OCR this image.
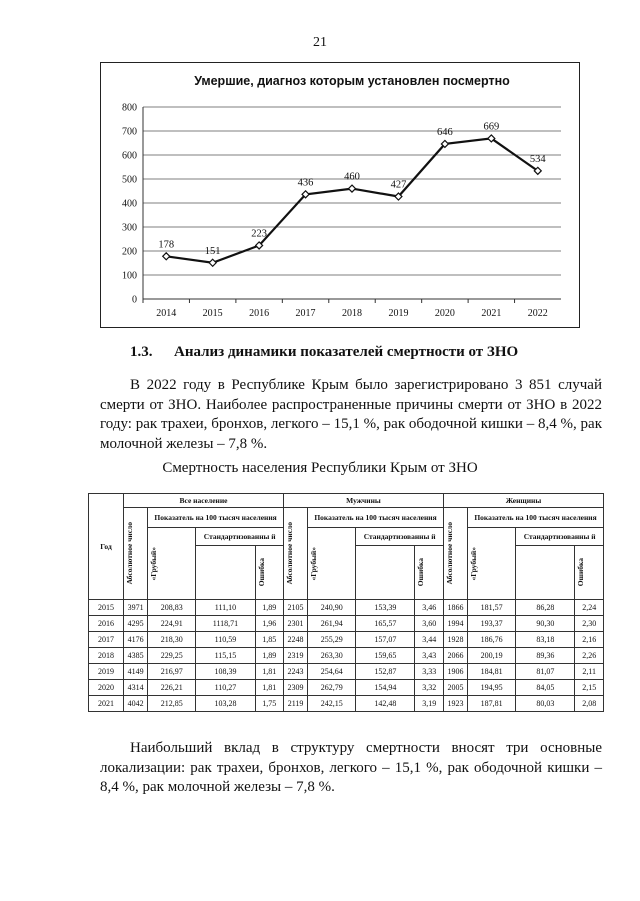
21
Умершие, диагноз которым установлен посмертно
0
100
200
300
400
500
600
700
800
2014	2015	2016	2017	2018	2019	2020	2021	2022
178
151
223
436
460
427
646
669
534
1.3. Анализ динамики показателей смертности от ЗНО
В 2022 году в Республике Крым было зарегистрировано 3 851 случай смерти от ЗНО. Наиболее распространенные причины смерти от ЗНО в 2022 году: рак трахеи, бронхов, легкого – 15,1 %, рак ободочной кишки – 8,4 %, рак молочной железы – 7,8 %.
Смертность населения Республики Крым от ЗНО
Год	Все население				Мужчины				Женщины			

	Абсолютное число	Показатель на 100 тысяч населения			Абсолютное число	Показатель на 100 тысяч населения			Абсолютное число	Показатель на 100 тысяч населения		

		«Грубый»	Стандартизованны й			«Грубый»	Стандартизованны й			«Грубый»	Стандартизованны й	

				Ошибка				Ошибка				Ошибка

2015	3971	208,83	111,10	1,89	2105	240,90	153,39	3,46	1866	181,57	86,28	2,24
2016	4295	224,91	1118,71	1,96	2301	261,94	165,57	3,60	1994	193,37	90,30	2,30
2017	4176	218,30	110,59	1,85	2248	255,29	157,07	3,44	1928	186,76	83,18	2,16
2018	4385	229,25	115,15	1,89	2319	263,30	159,65	3,43	2066	200,19	89,36	2,26
2019	4149	216,97	108,39	1,81	2243	254,64	152,87	3,33	1906	184,81	81,07	2,11
2020	4314	226,21	110,27	1,81	2309	262,79	154,94	3,32	2005	194,95	84,05	2,15
2021	4042	212,85	103,28	1,75	2119	242,15	142,48	3,19	1923	187,81	80,03	2,08
Наибольший вклад в структуру смертности вносят три основные локализации: рак трахеи, бронхов, легкого – 15,1 %, рак ободочной кишки – 8,4 %, рак молочной железы – 7,8 %.
